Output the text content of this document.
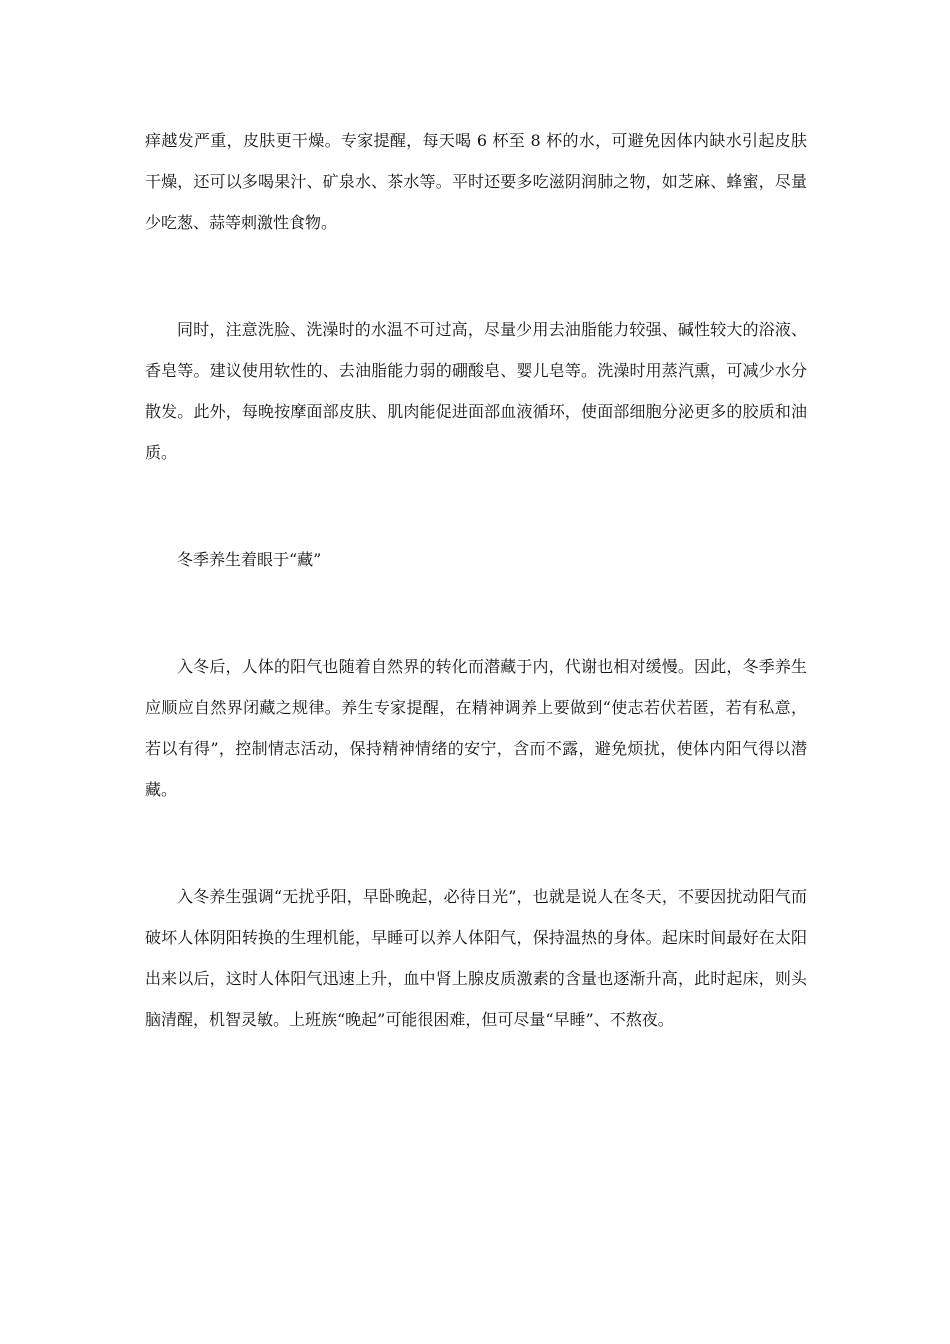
痒越发严重，皮肤更干燥。专家提醒，每天喝 6 杯至 8 杯的水，可避免因体内缺水引起皮肤干燥，还可以多喝果汁、矿泉水、茶水等。平时还要多吃滋阴润肺之物，如芝麻、蜂蜜，尽量少吃葱、蒜等刺激性食物。

同时，注意洗脸、洗澡时的水温不可过高，尽量少用去油脂能力较强、碱性较大的浴液、香皂等。建议使用软性的、去油脂能力弱的硼酸皂、婴儿皂等。洗澡时用蒸汽熏，可减少水分散发。此外，每晚按摩面部皮肤、肌肉能促进面部血液循环，使面部细胞分泌更多的胶质和油质。

冬季养生着眼于“藏”

入冬后，人体的阳气也随着自然界的转化而潜藏于内，代谢也相对缓慢。因此，冬季养生应顺应自然界闭藏之规律。养生专家提醒，在精神调养上要做到“使志若伏若匿，若有私意，若以有得”，控制情志活动，保持精神情绪的安宁，含而不露，避免烦扰，使体内阳气得以潜藏。

入冬养生强调“无扰乎阳，早卧晚起，必待日光”，也就是说人在冬天，不要因扰动阳气而破坏人体阴阳转换的生理机能，早睡可以养人体阳气，保持温热的身体。起床时间最好在太阳出来以后，这时人体阳气迅速上升，血中肾上腺皮质激素的含量也逐渐升高，此时起床，则头脑清醒，机智灵敏。上班族“晚起”可能很困难，但可尽量“早睡”、不熬夜。
